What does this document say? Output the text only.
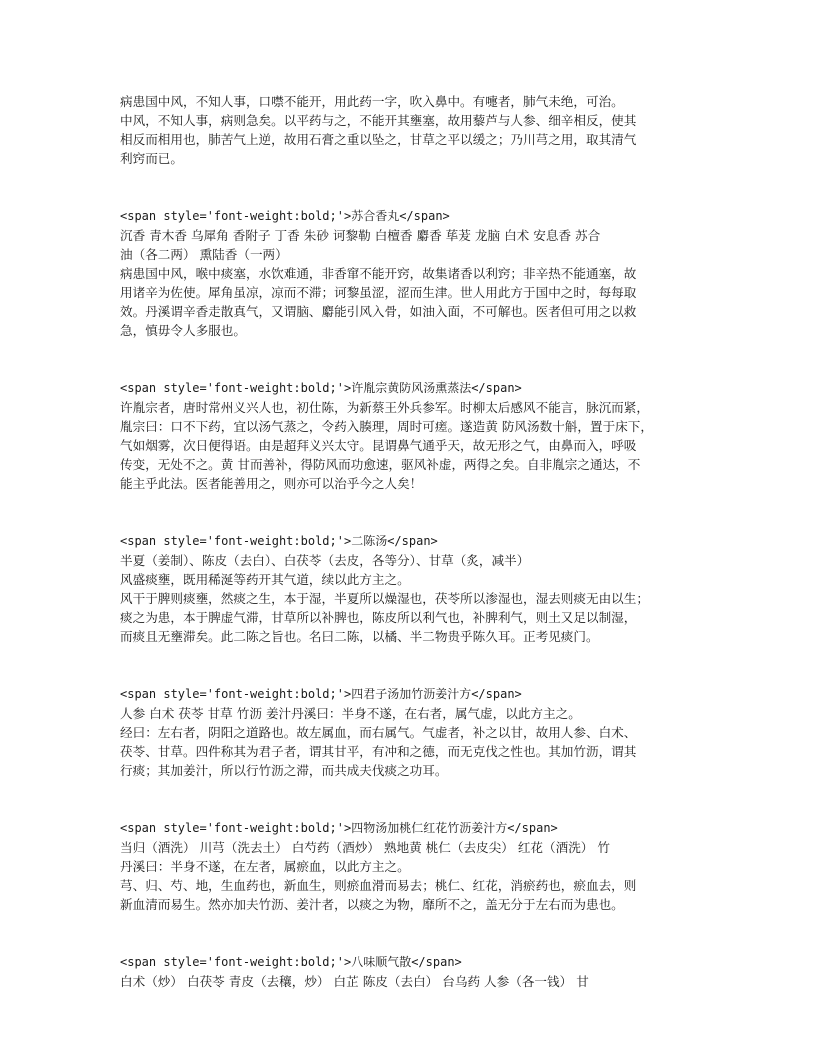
病患国中风，不知人事，口噤不能开，用此药一字，吹入鼻中。有嚏者，肺气未绝，可治。
中风，不知人事，病则急矣。以平药与之，不能开其壅塞，故用藜芦与人参、细辛相反，使其
相反而相用也，肺苦气上逆，故用石膏之重以坠之，甘草之平以缓之；乃川芎之用，取其清气
利窍而已。
<span style='font-weight:bold;'>苏合香丸</span>
沉香 青木香 乌犀角 香附子 丁香 朱砂 诃黎勒 白檀香 麝香 荜茇 龙脑 白术 安息香 苏合
油（各二两） 熏陆香（一两）
病患国中风，喉中痰塞，水饮难通，非香窜不能开窍，故集诸香以利窍；非辛热不能通塞，故
用诸辛为佐使。犀角虽凉，凉而不滞；诃黎虽涩，涩而生津。世人用此方于国中之时，每每取
效。丹溪谓辛香走散真气，又谓脑、麝能引风入骨，如油入面，不可解也。医者但可用之以救
急，慎毋令人多服也。
<span style='font-weight:bold;'>许胤宗黄防风汤熏蒸法</span>
许胤宗者，唐时常州义兴人也，初仕陈，为新蔡王外兵参军。时柳太后感风不能言，脉沉而紧，
胤宗曰：口不下药，宜以汤气蒸之，令药入腠理，周时可瘥。遂造黄 防风汤数十斛，置于床下，
气如烟雾，次日便得语。由是超拜义兴太守。昆谓鼻气通乎天，故无形之气，由鼻而入，呼吸
传变，无处不之。黄 甘而善补，得防风而功愈速，驱风补虚，两得之矣。自非胤宗之通达，不
能主乎此法。医者能善用之，则亦可以治乎今之人矣！
<span style='font-weight:bold;'>二陈汤</span>
半夏（姜制）、陈皮（去白）、白茯苓（去皮，各等分）、甘草（炙，减半）
风盛痰壅，既用稀涎等药开其气道，续以此方主之。
风干于脾则痰壅，然痰之生，本于湿，半夏所以燥湿也，茯苓所以渗湿也，湿去则痰无由以生；
痰之为患，本于脾虚气滞，甘草所以补脾也，陈皮所以利气也，补脾利气，则土又足以制湿，
而痰且无壅滞矣。此二陈之旨也。名曰二陈，以橘、半二物贵乎陈久耳。正考见痰门。
<span style='font-weight:bold;'>四君子汤加竹沥姜汁方</span>
人参 白术 茯苓 甘草 竹沥 姜汁丹溪曰：半身不遂，在右者，属气虚，以此方主之。
经曰：左右者，阴阳之道路也。故左属血，而右属气。气虚者，补之以甘，故用人参、白术、
茯苓、甘草。四件称其为君子者，谓其甘平，有冲和之德，而无克伐之性也。其加竹沥，谓其
行痰；其加姜汁，所以行竹沥之滞，而共成夫伐痰之功耳。
<span style='font-weight:bold;'>四物汤加桃仁红花竹沥姜汁方</span>
当归（酒洗） 川芎（洗去土） 白芍药（酒炒） 熟地黄 桃仁（去皮尖） 红花（酒洗） 竹
丹溪曰：半身不遂，在左者，属瘀血，以此方主之。
芎、归、芍、地，生血药也，新血生，则瘀血滑而易去；桃仁、红花，消瘀药也，瘀血去，则
新血清而易生。然亦加夫竹沥、姜汁者，以痰之为物，靡所不之，盖无分于左右而为患也。
<span style='font-weight:bold;'>八味顺气散</span>
白术（炒） 白茯苓 青皮（去穰，炒） 白芷 陈皮（去白） 台乌药 人参（各一钱） 甘
